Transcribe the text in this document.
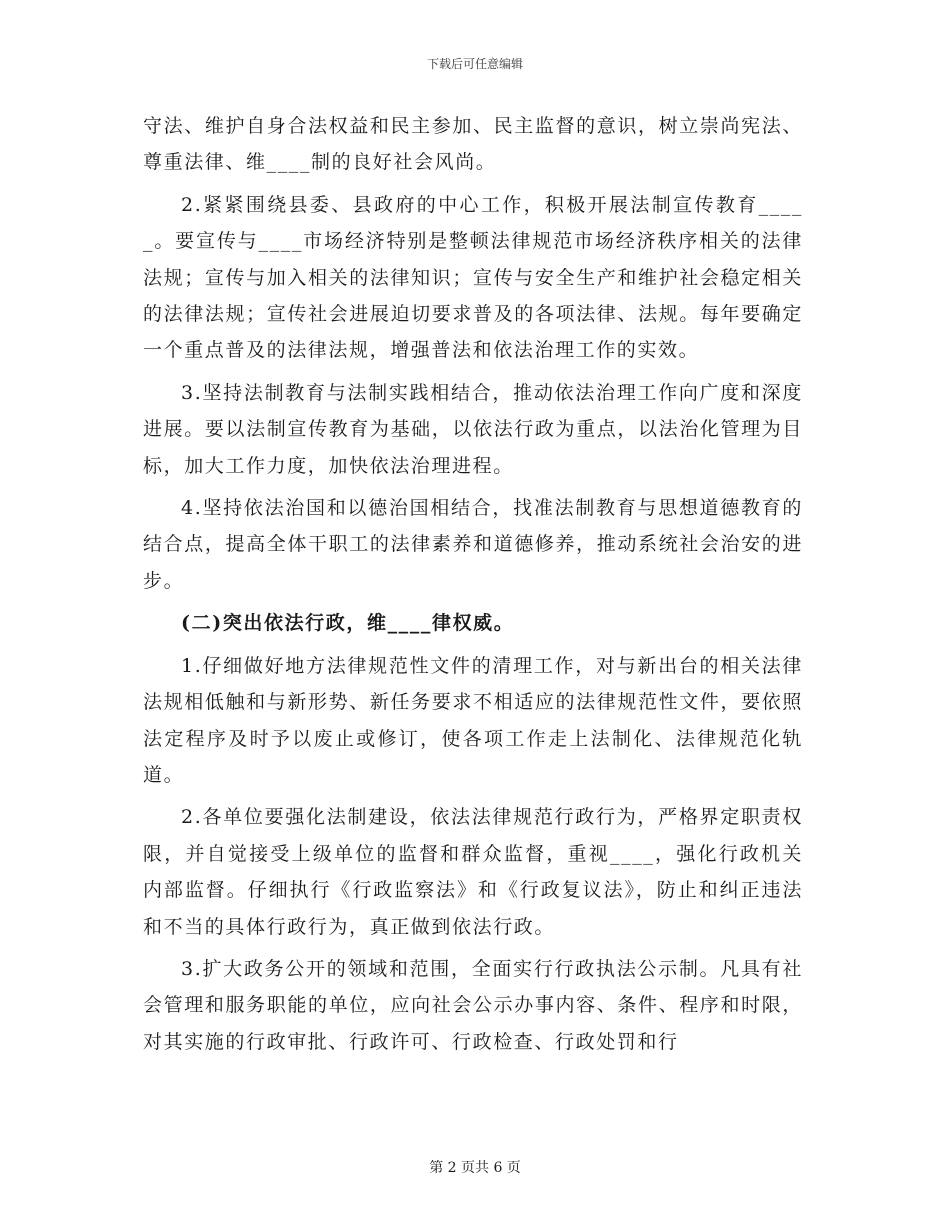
下载后可任意编辑

守法、维护自身合法权益和民主参加、民主监督的意识，树立崇尚宪法、尊重法律、维____制的良好社会风尚。

2.紧紧围绕县委、县政府的中心工作，积极开展法制宣传教育_____。要宣传与____市场经济特别是整顿法律规范市场经济秩序相关的法律法规；宣传与加入相关的法律知识；宣传与安全生产和维护社会稳定相关的法律法规；宣传社会进展迫切要求普及的各项法律、法规。每年要确定一个重点普及的法律法规，增强普法和依法治理工作的实效。

3.坚持法制教育与法制实践相结合，推动依法治理工作向广度和深度进展。要以法制宣传教育为基础，以依法行政为重点，以法治化管理为目标，加大工作力度，加快依法治理进程。

4.坚持依法治国和以德治国相结合，找准法制教育与思想道德教育的结合点，提高全体干职工的法律素养和道德修养，推动系统社会治安的进步。

(二)突出依法行政，维____律权威。

1.仔细做好地方法律规范性文件的清理工作，对与新出台的相关法律法规相低触和与新形势、新任务要求不相适应的法律规范性文件，要依照法定程序及时予以废止或修订，使各项工作走上法制化、法律规范化轨道。

2.各单位要强化法制建设，依法法律规范行政行为，严格界定职责权限，并自觉接受上级单位的监督和群众监督，重视____，强化行政机关内部监督。仔细执行《行政监察法》和《行政复议法》，防止和纠正违法和不当的具体行政行为，真正做到依法行政。

3.扩大政务公开的领域和范围，全面实行行政执法公示制。凡具有社会管理和服务职能的单位，应向社会公示办事内容、条件、程序和时限，对其实施的行政审批、行政许可、行政检查、行政处罚和行

第 2 页共 6 页
